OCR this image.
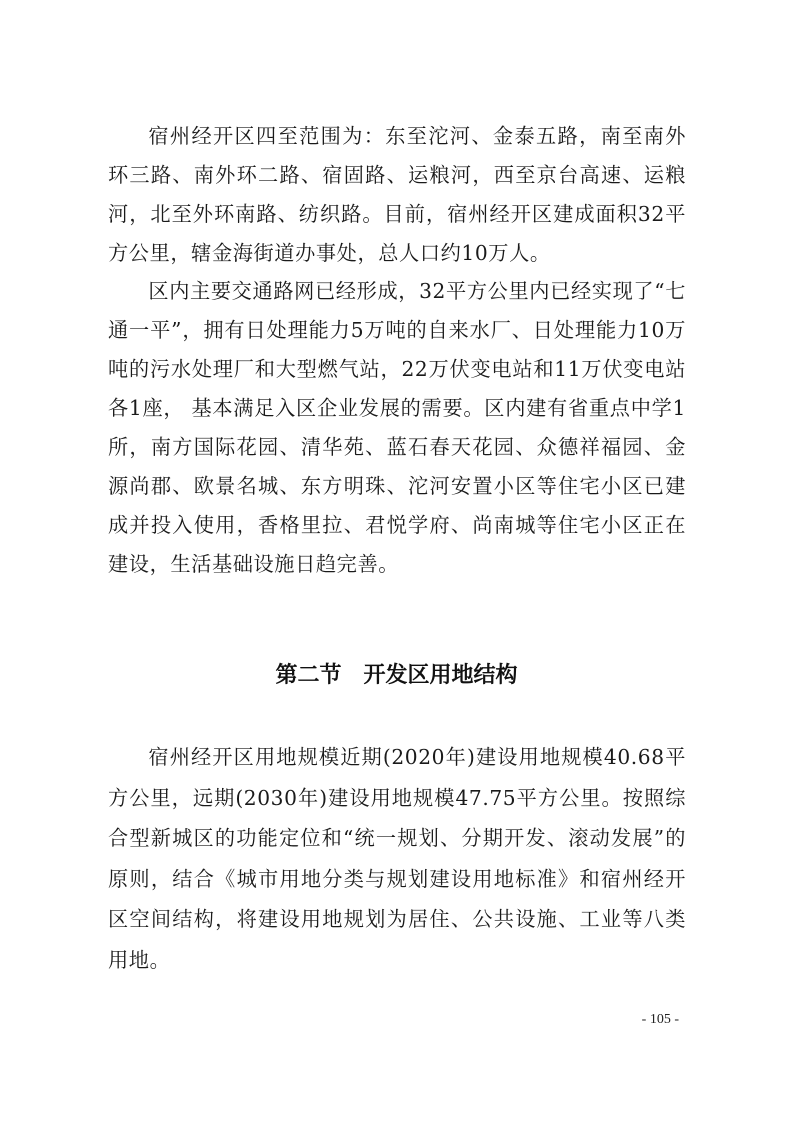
宿州经开区四至范围为：东至沱河、金泰五路，南至南外环三路、南外环二路、宿固路、运粮河，西至京台高速、运粮河，北至外环南路、纺织路。目前，宿州经开区建成面积32平方公里，辖金海街道办事处，总人口约10万人。

区内主要交通路网已经形成，32平方公里内已经实现了“七通一平”，拥有日处理能力5万吨的自来水厂、日处理能力10万吨的污水处理厂和大型燃气站，22万伏变电站和11万伏变电站各1座， 基本满足入区企业发展的需要。区内建有省重点中学1所，南方国际花园、清华苑、蓝石春天花园、众德祥福园、金源尚郡、欧景名城、东方明珠、沱河安置小区等住宅小区已建成并投入使用，香格里拉、君悦学府、尚南城等住宅小区正在建设，生活基础设施日趋完善。

第二节　开发区用地结构

宿州经开区用地规模近期(2020年)建设用地规模40.68平方公里，远期(2030年)建设用地规模47.75平方公里。按照综合型新城区的功能定位和“统一规划、分期开发、滚动发展”的原则，结合《城市用地分类与规划建设用地标准》和宿州经开区空间结构，将建设用地规划为居住、公共设施、工业等八类用地。

- 105 -
